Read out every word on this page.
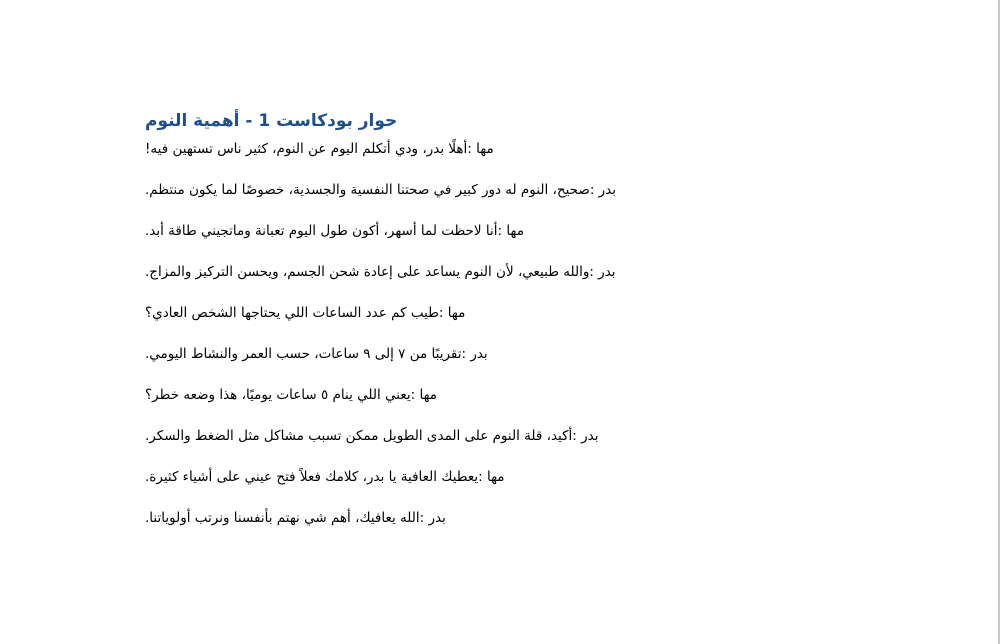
حوار بودكاست 1 - أهمية النوم
مها :أهلًا بدر، ودي أتكلم اليوم عن النوم، كثير ناس تستهين فيه!
بدر :صحيح، النوم له دور كبير في صحتنا النفسية والجسدية، خصوصًا لما يكون منتظم.
مها :أنا لاحظت لما أسهر، أكون طول اليوم تعبانة وماتجيني طاقة أبد.
بدر :والله طبيعي، لأن النوم يساعد على إعادة شحن الجسم، ويحسن التركيز والمزاج.
مها :طيب كم عدد الساعات اللي يحتاجها الشخص العادي؟
بدر :تقريبًا من ٧ إلى ٩ ساعات، حسب العمر والنشاط اليومي.
مها :يعني اللي ينام ٥ ساعات يوميًا، هذا وضعه خطر؟
بدر :أكيد، قلة النوم على المدى الطويل ممكن تسبب مشاكل مثل الضغط والسكر.
مها :يعطيك العافية يا بدر، كلامك فعلاً فتح عيني على أشياء كثيرة.
بدر :الله يعافيك، أهم شي نهتم بأنفسنا ونرتب أولوياتنا.
